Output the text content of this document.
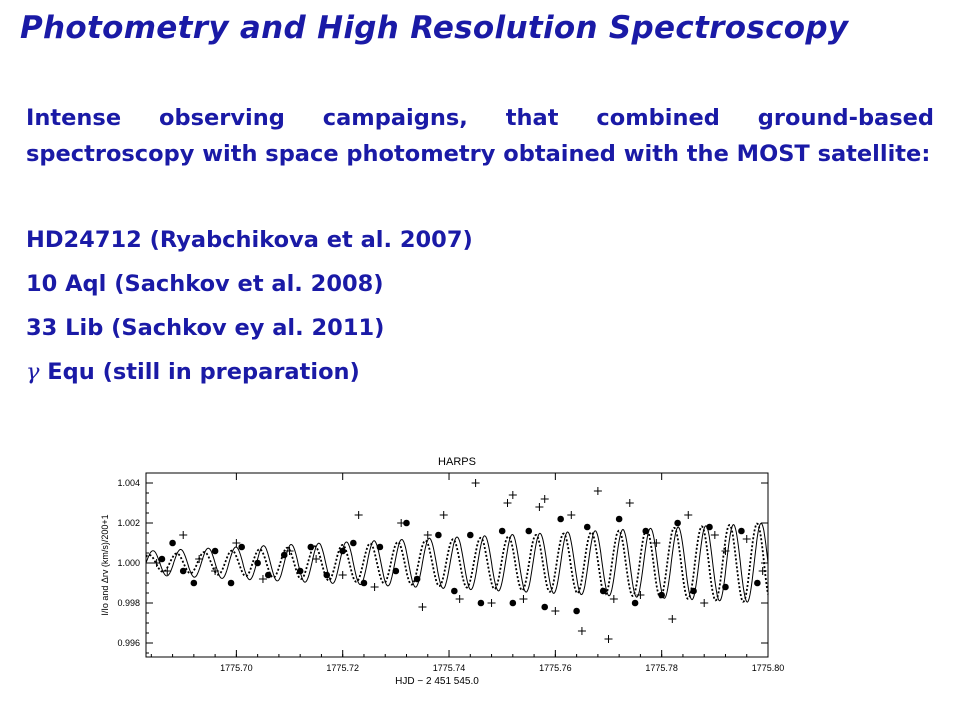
Photometry and High Resolution Spectroscopy
Intense observing campaigns, that combined ground-based spectroscopy with space photometry obtained with the MOST satellite:
HD24712 (Ryabchikova et al. 2007)
10 Aql (Sachkov et al. 2008)
33 Lib (Sachkov ey al. 2011)
γ Equ (still in preparation)
HARPS
0.996
0.998
1.000
1.002
1.004
1775.70	1775.72	1775.74	1775.76	1775.78	1775.80
HJD − 2 451 545.0
I/Io and Δrv (km/s)/200+1
